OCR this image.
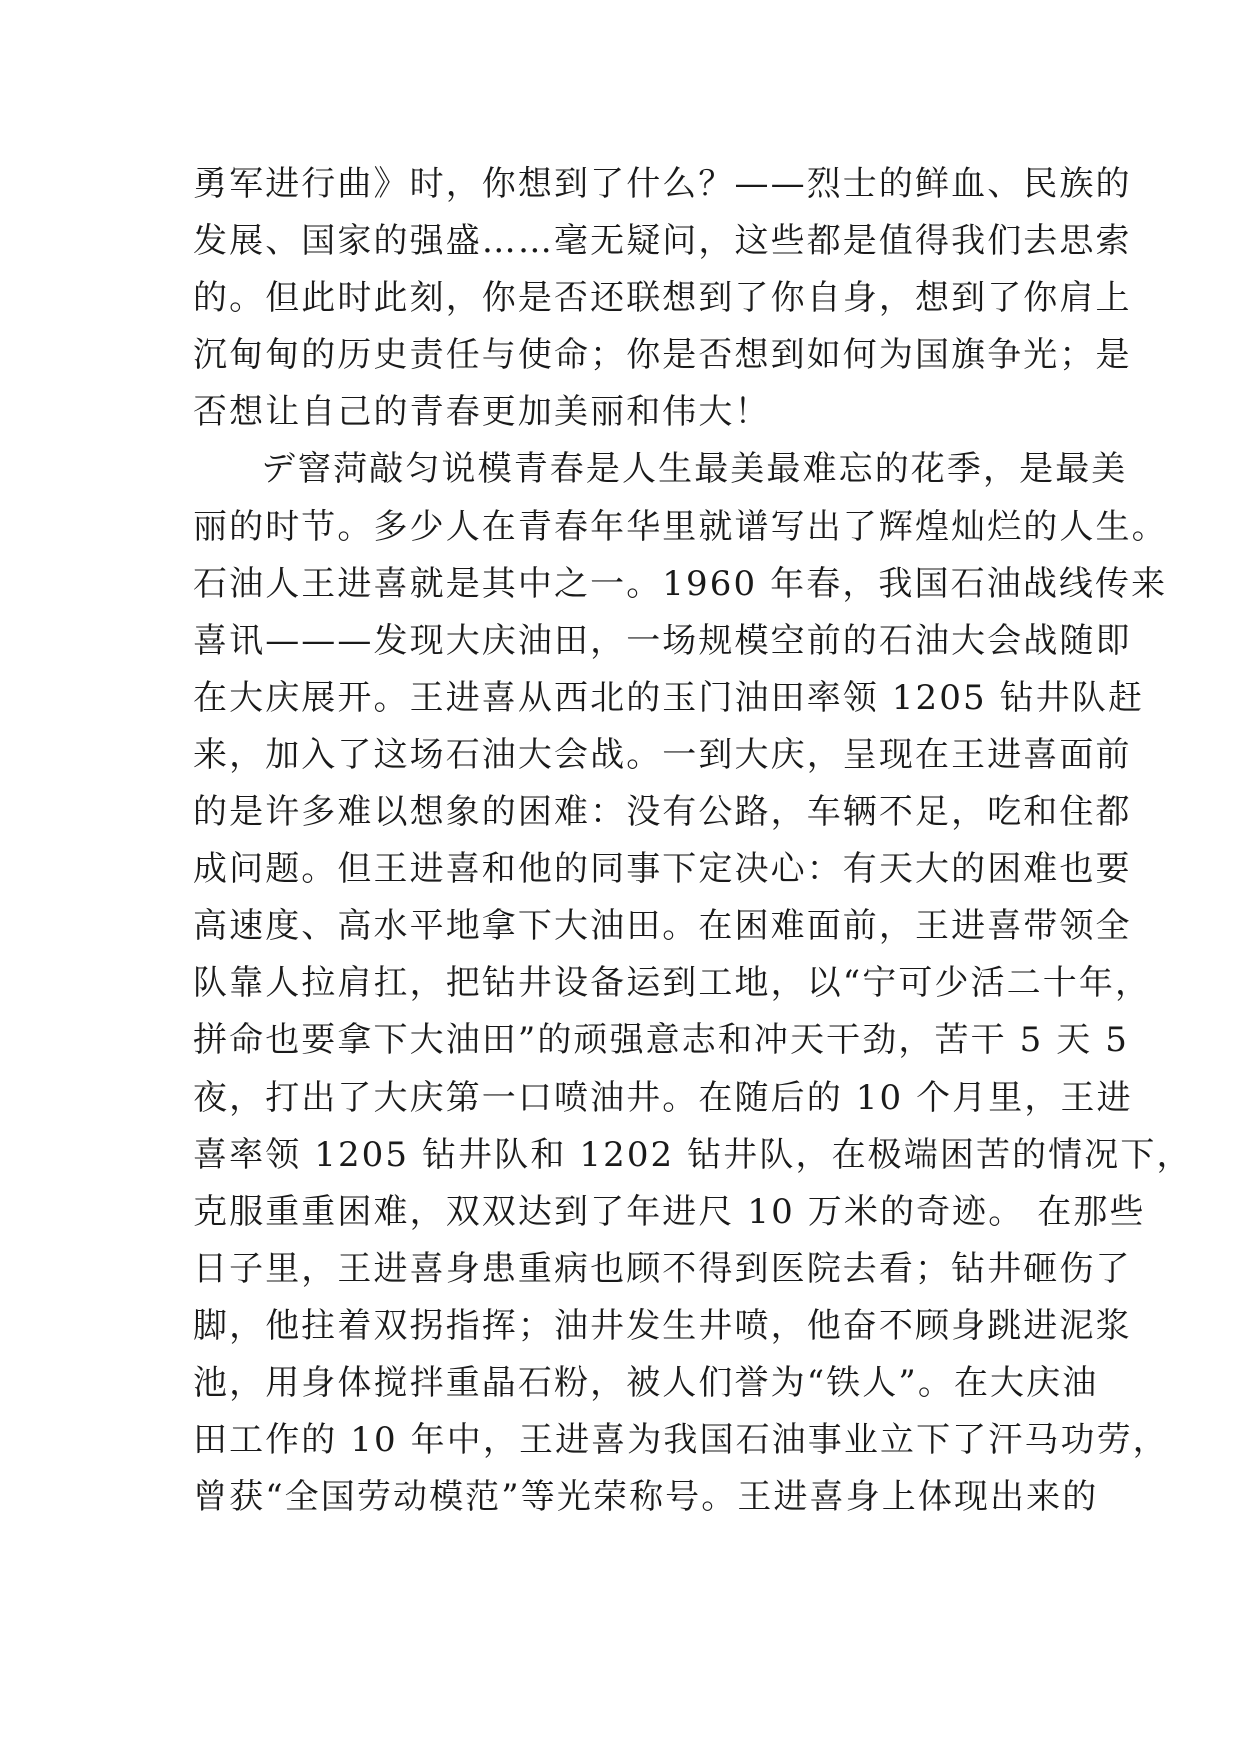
勇军进行曲》时，你想到了什么？——烈士的鲜血、民族的
发展、国家的强盛……毫无疑问，这些都是值得我们去思索
的。但此时此刻，你是否还联想到了你自身，想到了你肩上
沉甸甸的历史责任与使命；你是否想到如何为国旗争光；是
否想让自己的青春更加美丽和伟大！
デ窨菏敲匀说模青春是人生最美最难忘的花季，是最美
丽的时节。多少人在青春年华里就谱写出了辉煌灿烂的人生。
石油人王进喜就是其中之一。1960 年春，我国石油战线传来
喜讯———发现大庆油田，一场规模空前的石油大会战随即
在大庆展开。王进喜从西北的玉门油田率领 1205 钻井队赶
来，加入了这场石油大会战。一到大庆，呈现在王进喜面前
的是许多难以想象的困难：没有公路，车辆不足，吃和住都
成问题。但王进喜和他的同事下定决心：有天大的困难也要
高速度、高水平地拿下大油田。在困难面前，王进喜带领全
队靠人拉肩扛，把钻井设备运到工地，以“宁可少活二十年，
拼命也要拿下大油田”的顽强意志和冲天干劲，苦干 5 天 5
夜，打出了大庆第一口喷油井。在随后的 10 个月里，王进
喜率领 1205 钻井队和 1202 钻井队，在极端困苦的情况下，
克服重重困难，双双达到了年进尺 10 万米的奇迹。 在那些
日子里，王进喜身患重病也顾不得到医院去看；钻井砸伤了
脚，他拄着双拐指挥；油井发生井喷，他奋不顾身跳进泥浆
池，用身体搅拌重晶石粉，被人们誉为“铁人”。在大庆油
田工作的 10 年中，王进喜为我国石油事业立下了汗马功劳，
曾获“全国劳动模范”等光荣称号。王进喜身上体现出来的
